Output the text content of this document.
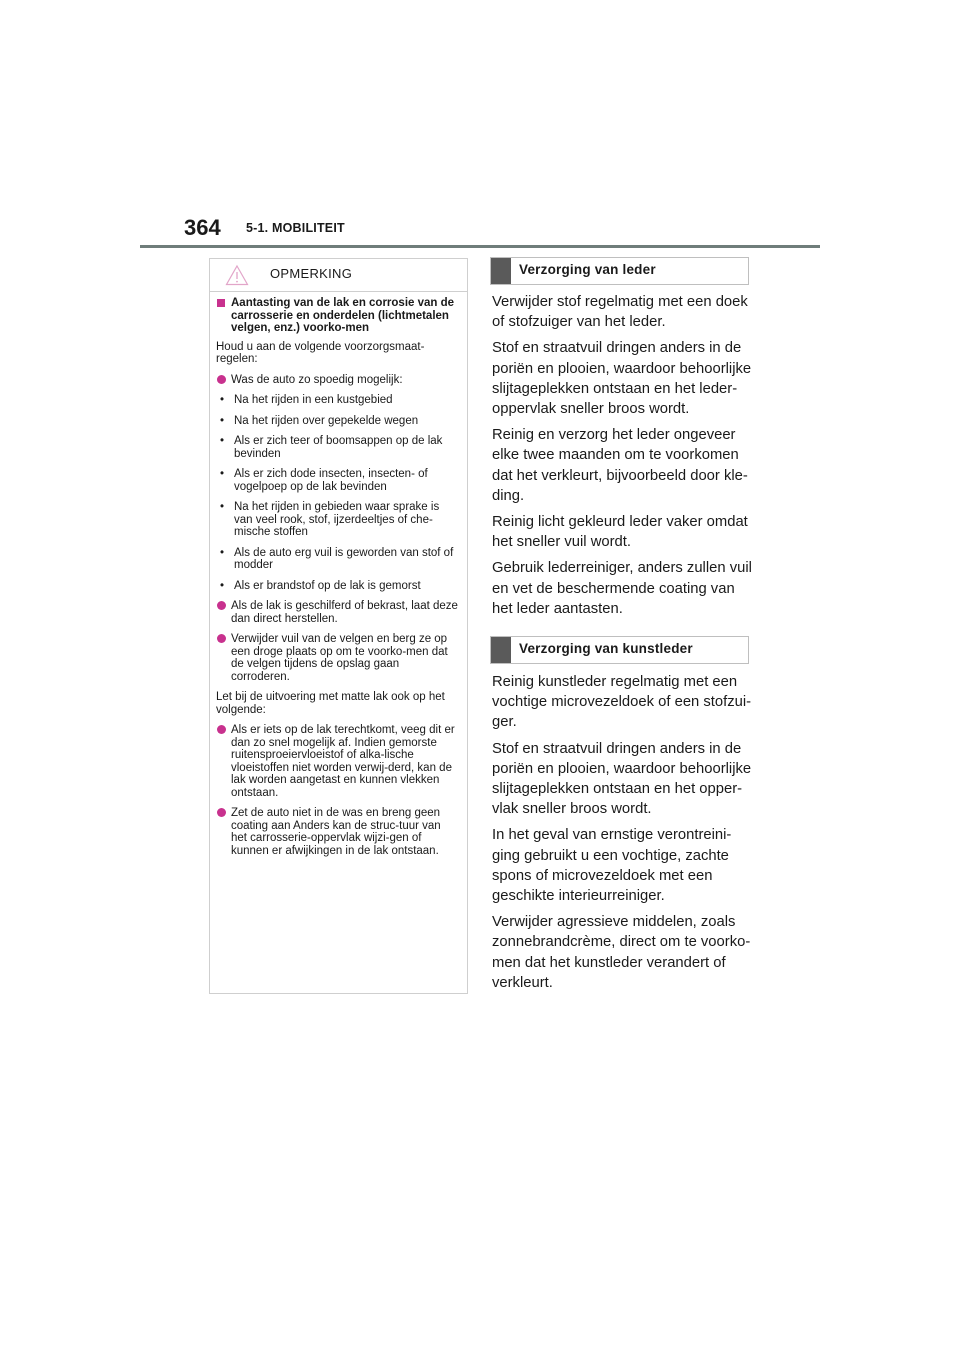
364 5-1. MOBILITEIT
OPMERKING
Aantasting van de lak en corrosie van de carrosserie en onderdelen (lichtmetalen velgen, enz.) voorko-men

Houd u aan de volgende voorzorgsmaat-regelen:

Was de auto zo spoedig mogelijk:
• Na het rijden in een kustgebied
• Na het rijden over gepekelde wegen
• Als er zich teer of boomsappen op de lak bevinden
• Als er zich dode insecten, insecten- of vogelpoep op de lak bevinden
• Na het rijden in gebieden waar sprake is van veel rook, stof, ijzerdeeltjes of che-mische stoffen
• Als de auto erg vuil is geworden van stof of modder
• Als er brandstof op de lak is gemorst
Als de lak is geschilferd of bekrast, laat deze dan direct herstellen.
Verwijder vuil van de velgen en berg ze op een droge plaats op om te voorko-men dat de velgen tijdens de opslag gaan corroderen.

Let bij de uitvoering met matte lak ook op het volgende:

Als er iets op de lak terechtkomt, veeg dit er dan zo snel mogelijk af. Indien gemorste ruitensproeiervloeistof of alka-lische vloeistoffen niet worden verwij-derd, kan de lak worden aangetast en kunnen vlekken ontstaan.
Zet de auto niet in de was en breng geen coating aan Anders kan de struc-tuur van het carrosserie-oppervlak wijzi-gen of kunnen er afwijkingen in de lak ontstaan.
Verzorging van leder

Verwijder stof regelmatig met een doek of stofzuiger van het leder.

Stof en straatvuil dringen anders in de poriën en plooien, waardoor behoorlijke slijtageplekken ontstaan en het leder-oppervlak sneller broos wordt.

Reinig en verzorg het leder ongeveer elke twee maanden om te voorkomen dat het verkleurt, bijvoorbeeld door kle-ding.

Reinig licht gekleurd leder vaker omdat het sneller vuil wordt.

Gebruik lederreiniger, anders zullen vuil en vet de beschermende coating van het leder aantasten.

Verzorging van kunstleder

Reinig kunstleder regelmatig met een vochtige microvezeldoek of een stofzui-ger.

Stof en straatvuil dringen anders in de poriën en plooien, waardoor behoorlijke slijtageplekken ontstaan en het opper-vlak sneller broos wordt.

In het geval van ernstige verontreini-ging gebruikt u een vochtige, zachte spons of microvezeldoek met een geschikte interieurreiniger.

Verwijder agressieve middelen, zoals zonnebrandcrème, direct om te voorko-men dat het kunstleder verandert of verkleurt.
